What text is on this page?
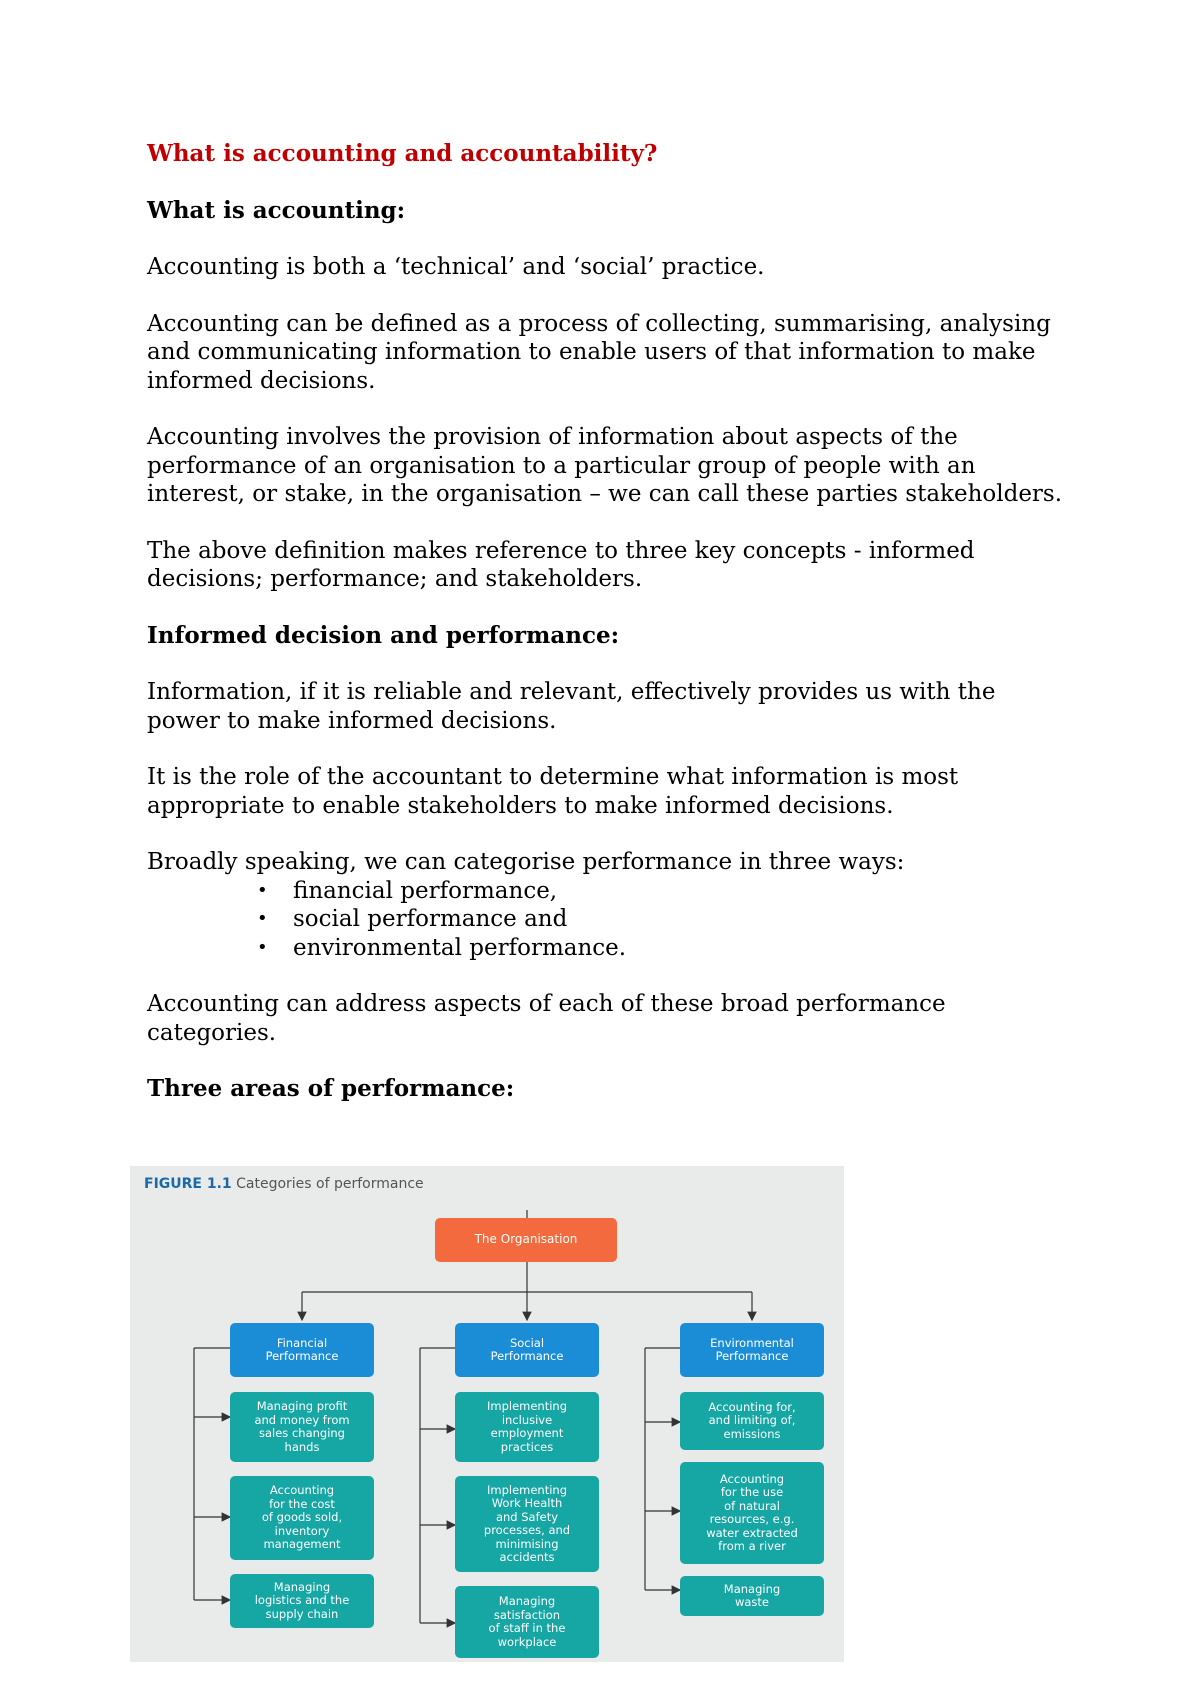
What is accounting and accountability?

What is accounting:

Accounting is both a ‘technical’ and ‘social’ practice.

Accounting can be defined as a process of collecting, summarising, analysing and communicating information to enable users of that information to make informed decisions.

Accounting involves the provision of information about aspects of the performance of an organisation to a particular group of people with an interest, or stake, in the organisation – we can call these parties stakeholders.

The above definition makes reference to three key concepts - informed decisions; performance; and stakeholders.

Informed decision and performance:

Information, if it is reliable and relevant, effectively provides us with the power to make informed decisions.

It is the role of the accountant to determine what information is most appropriate to enable stakeholders to make informed decisions.

Broadly speaking, we can categorise performance in three ways:

• financial performance,
• social performance and
• environmental performance.

Accounting can address aspects of each of these broad performance categories.

Three areas of performance:

FIGURE 1.1 Categories of performance
The Organisation
Financial
Performance
Social
Performance
Environmental
Performance
Managing profit
and money from
sales changing
hands
Accounting
for the cost
of goods sold,
inventory
management
Managing
logistics and the
supply chain
Implementing
inclusive
employment
practices
Implementing
Work Health
and Safety
processes, and
minimising
accidents
Managing
satisfaction
of staff in the
workplace
Accounting for,
and limiting of,
emissions
Accounting
for the use
of natural
resources, e.g.
water extracted
from a river
Managing
waste
